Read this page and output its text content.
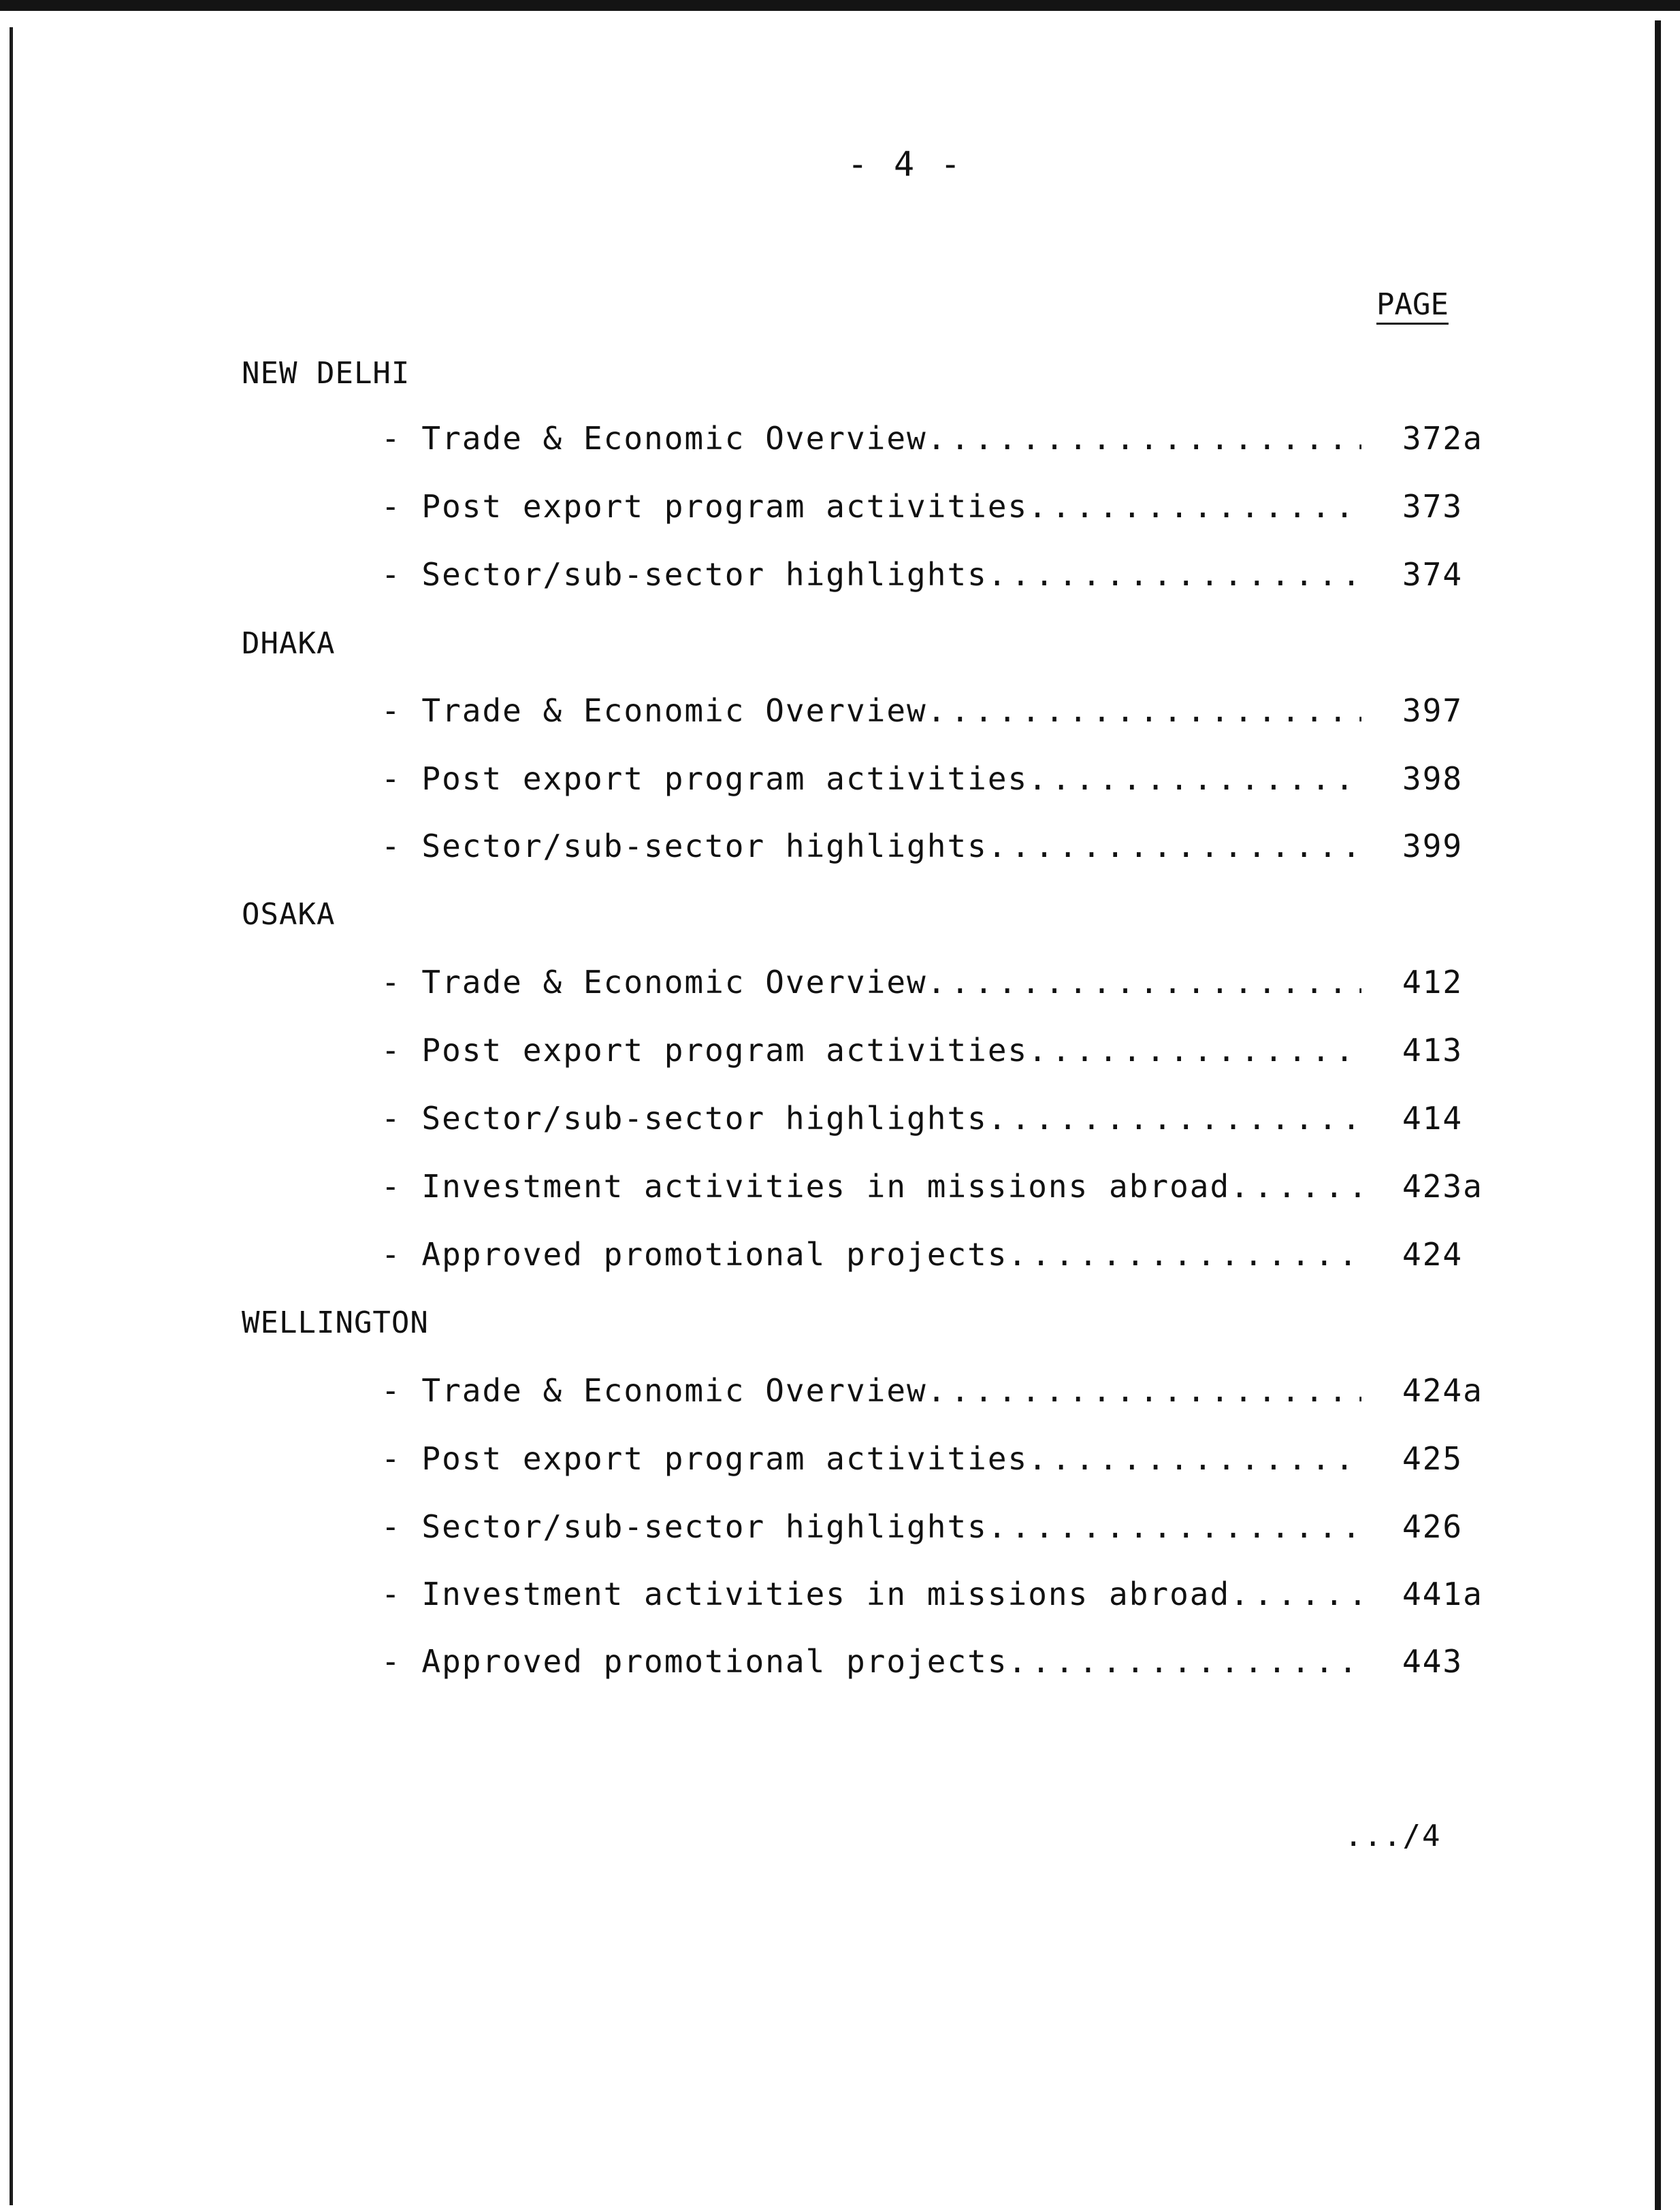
- 4 -
PAGE
NEW DELHI
- Trade & Economic Overview .....	372a
- Post export program activities .....	373
- Sector/sub-sector highlights .....	374
DHAKA
- Trade & Economic Overview .....	397
- Post export program activities .....	398
- Sector/sub-sector highlights .....	399
OSAKA
- Trade & Economic Overview .....	412
- Post export program activities .....	413
- Sector/sub-sector highlights .....	414
- Investment activities in missions abroad .....	423a
- Approved promotional projects .....	424
WELLINGTON
- Trade & Economic Overview .....	424a
- Post export program activities .....	425
- Sector/sub-sector highlights .....	426
- Investment activities in missions abroad .....	441a
- Approved promotional projects .....	443
.../4
